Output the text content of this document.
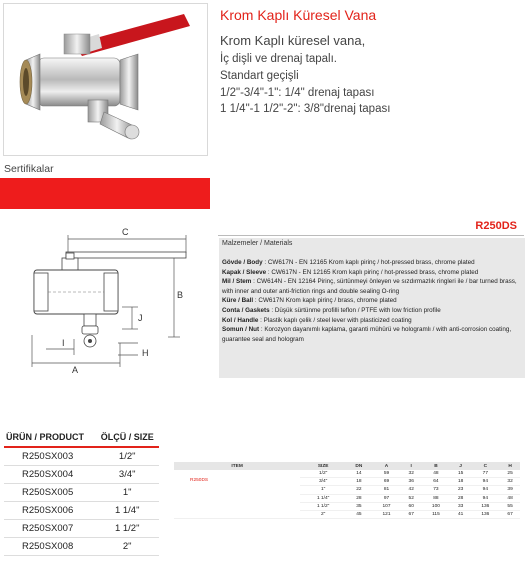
Krom Kaplı Küresel Vana
Krom Kaplı küresel vana,
İç dişli ve drenaj tapalı.
Standart geçişli
1/2"-3/4"-1": 1/4" drenaj tapası
1 1/4"-1 1/2"-2": 3/8"drenaj tapası
Sertifikalar
R250DS
Malzemeler / Materials
Gövde / Body : CW617N - EN 12165 Krom kaplı pirinç / hot-pressed brass, chrome plated
Kapak / Sleeve : CW617N - EN 12165 Krom kaplı pirinç / hot-pressed brass, chrome plated
Mil / Stem : CW614N - EN 12164 Pirinç, sürtünmeyi önleyen ve sızdırmazlık ringleri ile / bar turned brass, with inner and outer anti-friction rings and double sealing O-ring
Küre / Ball : CW617N Krom kaplı pirinç / brass, chrome plated
Conta / Gaskets : Düşük sürtünme profilli teflon / PTFE with low friction profile
Kol / Handle : Plastik kaplı çelik / steel lever with plasticized coating
Somun / Nut : Korozyon dayanımlı kaplama, garanti mühürü ve hologramlı / with anti-corrosion coating, guarantee seal and hologram
C
B
J
H
I
A
ÜRÜN / PRODUCT	ÖLÇÜ / SIZE
R250SX003	1/2"
R250SX004	3/4"
R250SX005	1"
R250SX006	1 1/4"
R250SX007	1 1/2"
R250SX008	2"
ITEM	SIZE	DN	A	I	B	J	C	H
R250DS	1/2"	14	59	32	48	15	77	25
	3/4"	18	69	36	64	18	94	32
	1"	22	81	42	73	23	94	39
	1 1/4"	28	97	52	88	28	94	48
	1 1/2"	35	107	60	100	33	136	55
	2"	45	121	67	115	41	136	67
